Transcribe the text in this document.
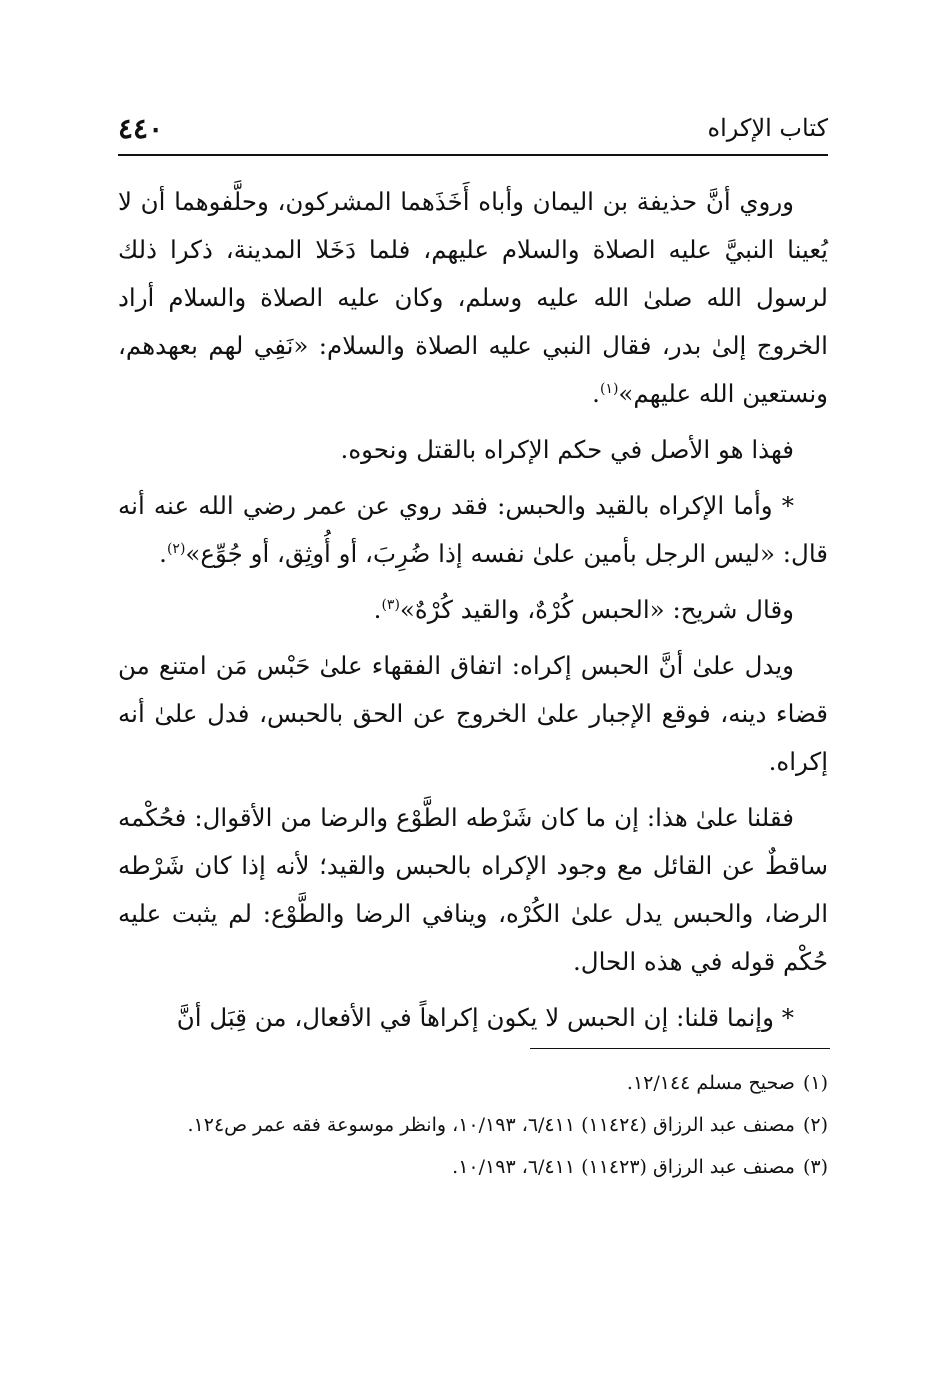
كتاب الإكراه
٤٤٠

وروي أنَّ حذيفة بن اليمان وأباه أَخَذَهما المشركون، وحلَّفوهما أن لا يُعينا النبيَّ عليه الصلاة والسلام عليهم، فلما دَخَلا المدينة، ذكرا ذلك لرسول الله صلىٰ الله عليه وسلم، وكان عليه الصلاة والسلام أراد الخروج إلىٰ بدر، فقال النبي عليه الصلاة والسلام: «نَفِي لهم بعهدهم، ونستعين الله عليهم»$^{(١)}$.

فهذا هو الأصل في حكم الإكراه بالقتل ونحوه.

* وأما الإكراه بالقيد والحبس: فقد روي عن عمر رضي الله عنه أنه قال: «ليس الرجل بأمين علىٰ نفسه إذا ضُرِبَ، أو أُوثِق، أو جُوِّع»$^{(٢)}$.

وقال شريح: «الحبس كُرْهٌ، والقيد كُرْهٌ»$^{(٣)}$.

ويدل علىٰ أنَّ الحبس إكراه: اتفاق الفقهاء علىٰ حَبْس مَن امتنع من قضاء دينه، فوقع الإجبار علىٰ الخروج عن الحق بالحبس، فدل علىٰ أنه إكراه.

فقلنا علىٰ هذا: إن ما كان شَرْطه الطَّوْع والرضا من الأقوال: فحُكْمه ساقطٌ عن القائل مع وجود الإكراه بالحبس والقيد؛ لأنه إذا كان شَرْطه الرضا، والحبس يدل علىٰ الكُرْه، وينافي الرضا والطَّوْع: لم يثبت عليه حُكْم قوله في هذه الحال.

* وإنما قلنا: إن الحبس لا يكون إكراهاً في الأفعال، من قِبَل أنَّ

(١)صحيح مسلم ١٢/١٤٤.
(٢)مصنف عبد الرزاق (١١٤٢٤) ٦/٤١١، ١٠/١٩٣، وانظر موسوعة فقه عمر ص١٢٤.
(٣)مصنف عبد الرزاق (١١٤٢٣) ٦/٤١١، ١٠/١٩٣.
